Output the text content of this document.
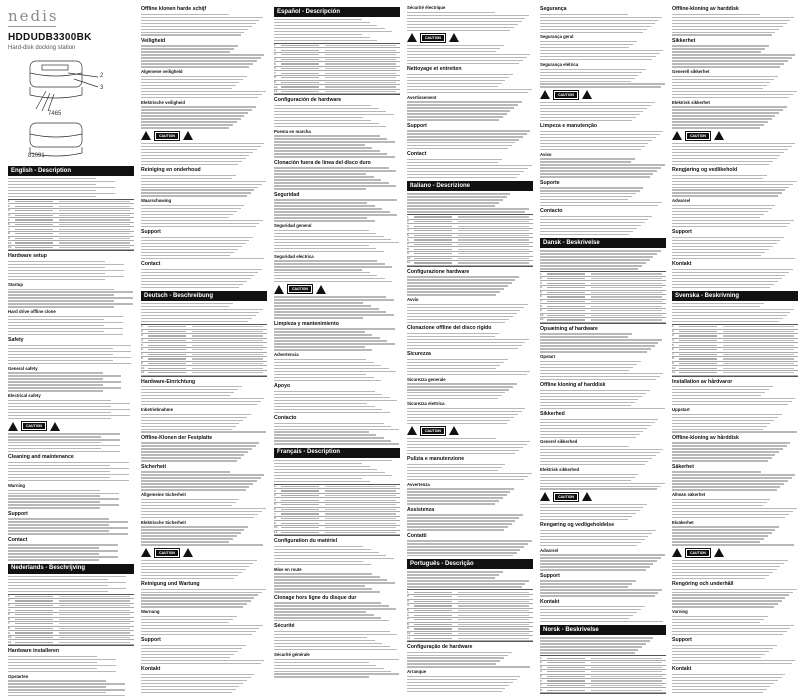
nedis
HDDUDB3300BK
Hard-disk docking station
2
3
7465
81091
English - Description
1.
2.
3.
4.
5.
6.
7.
8.
9.
10.
11.
Hardware setup
Startup
Hard drive offline clone
Safety
General safety
Electrical safety
CAUTION
Cleaning and maintenance
Warning
Support
Contact
Nederlands - Beschrijving
1.
2.
3.
4.
5.
6.
7.
8.
9.
10.
11.
Hardware installeren
Opstarten
Offline klonen harde schijf
Veiligheid
Algemene veiligheid
Elektrische veiligheid
CAUTION
Reiniging en onderhoud
Waarschuwing
Support
Contact
Deutsch - Beschreibung
1.
2.
3.
4.
5.
6.
7.
8.
9.
10.
11.
Hardware-Einrichtung
Inbetriebnahme
Offline-Klonen der Festplatte
Sicherheit
Allgemeine Sicherheit
Elektrische Sicherheit
CAUTION
Reinigung und Wartung
Warnung
Support
Kontakt
Español - Descripción
1.
2.
3.
4.
5.
6.
7.
8.
9.
10.
11.
Configuración de hardware
Puesta en marcha
Clonación fuera de línea del disco duro
Seguridad
Seguridad general
Seguridad eléctrica
CAUTION
Limpieza y mantenimiento
Advertencia
Apoyo
Contacto
Français - Description
1.
2.
3.
4.
5.
6.
7.
8.
9.
10.
11.
Configuration du matériel
Mise en route
Clonage hors ligne du disque dur
Sécurité
Sécurité générale
Sécurité électrique
CAUTION
Nettoyage et entretien
Avertissement
Support
Contact
Italiano - Descrizione
1.
2.
3.
4.
5.
6.
7.
8.
9.
10.
11.
Configurazione hardware
Avvio
Clonazione offline del disco rigido
Sicurezza
Sicurezza generale
Sicurezza elettrica
CAUTION
Pulizia e manutenzione
Avvertenza
Assistenza
Contatti
Português - Descrição
1.
2.
3.
4.
5.
6.
7.
8.
9.
10.
11.
Configuração de hardware
Arranque
Segurança
Segurança geral
Segurança elétrica
CAUTION
Limpeza e manutenção
Aviso
Suporte
Contacto
Dansk - Beskrivelse
1.
2.
3.
4.
5.
6.
7.
8.
9.
10.
11.
Opsætning af hardware
Opstart
Offline kloning af harddisk
Sikkerhed
Generel sikkerhed
Elektrisk sikkerhed
CAUTION
Rengøring og vedligeholdelse
Advarsel
Support
Kontakt
Norsk - Beskrivelse
1.
2.
3.
4.
5.
6.
7.
8.
Offline-kloning av harddisk
Sikkerhet
Generell sikkerhet
Elektrisk sikkerhet
CAUTION
Rengjøring og vedlikehold
Advarsel
Support
Kontakt
Svenska - Beskrivning
1.
2.
3.
4.
5.
6.
7.
8.
9.
10.
11.
Installation av hårdvaror
Uppstart
Offline-kloning av hårddisk
Säkerhet
Allmän säkerhet
Elsäkerhet
CAUTION
Rengöring och underhåll
Varning
Support
Kontakt
